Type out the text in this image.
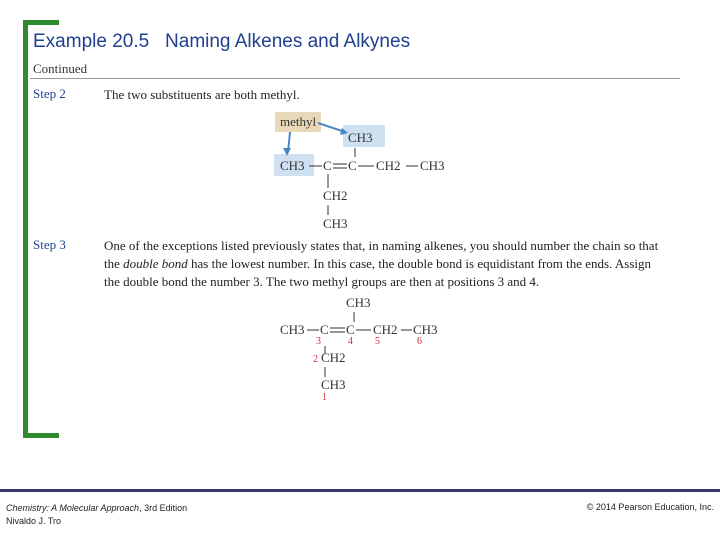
Example 20.5 Naming Alkenes and Alkynes
Continued
Step 2	The two substituents are both methyl.
methyl
CH3
CH3 C C CH2 CH3
CH2
CH3
Step 3	One of the exceptions listed previously states that, in naming alkenes, you should number the chain so that the double bond has the lowest number. In this case, the double bond is equidistant from the ends. Assign the double bond the number 3. The two methyl groups are then at positions 3 and 4.
CH3
CH3 C C CH2 CH3
3	4 5	6
2 CH2
CH3
1
Chemistry: A Molecular Approach, 3rd Edition
Nivaldo J. Tro
© 2014 Pearson Education, Inc.
